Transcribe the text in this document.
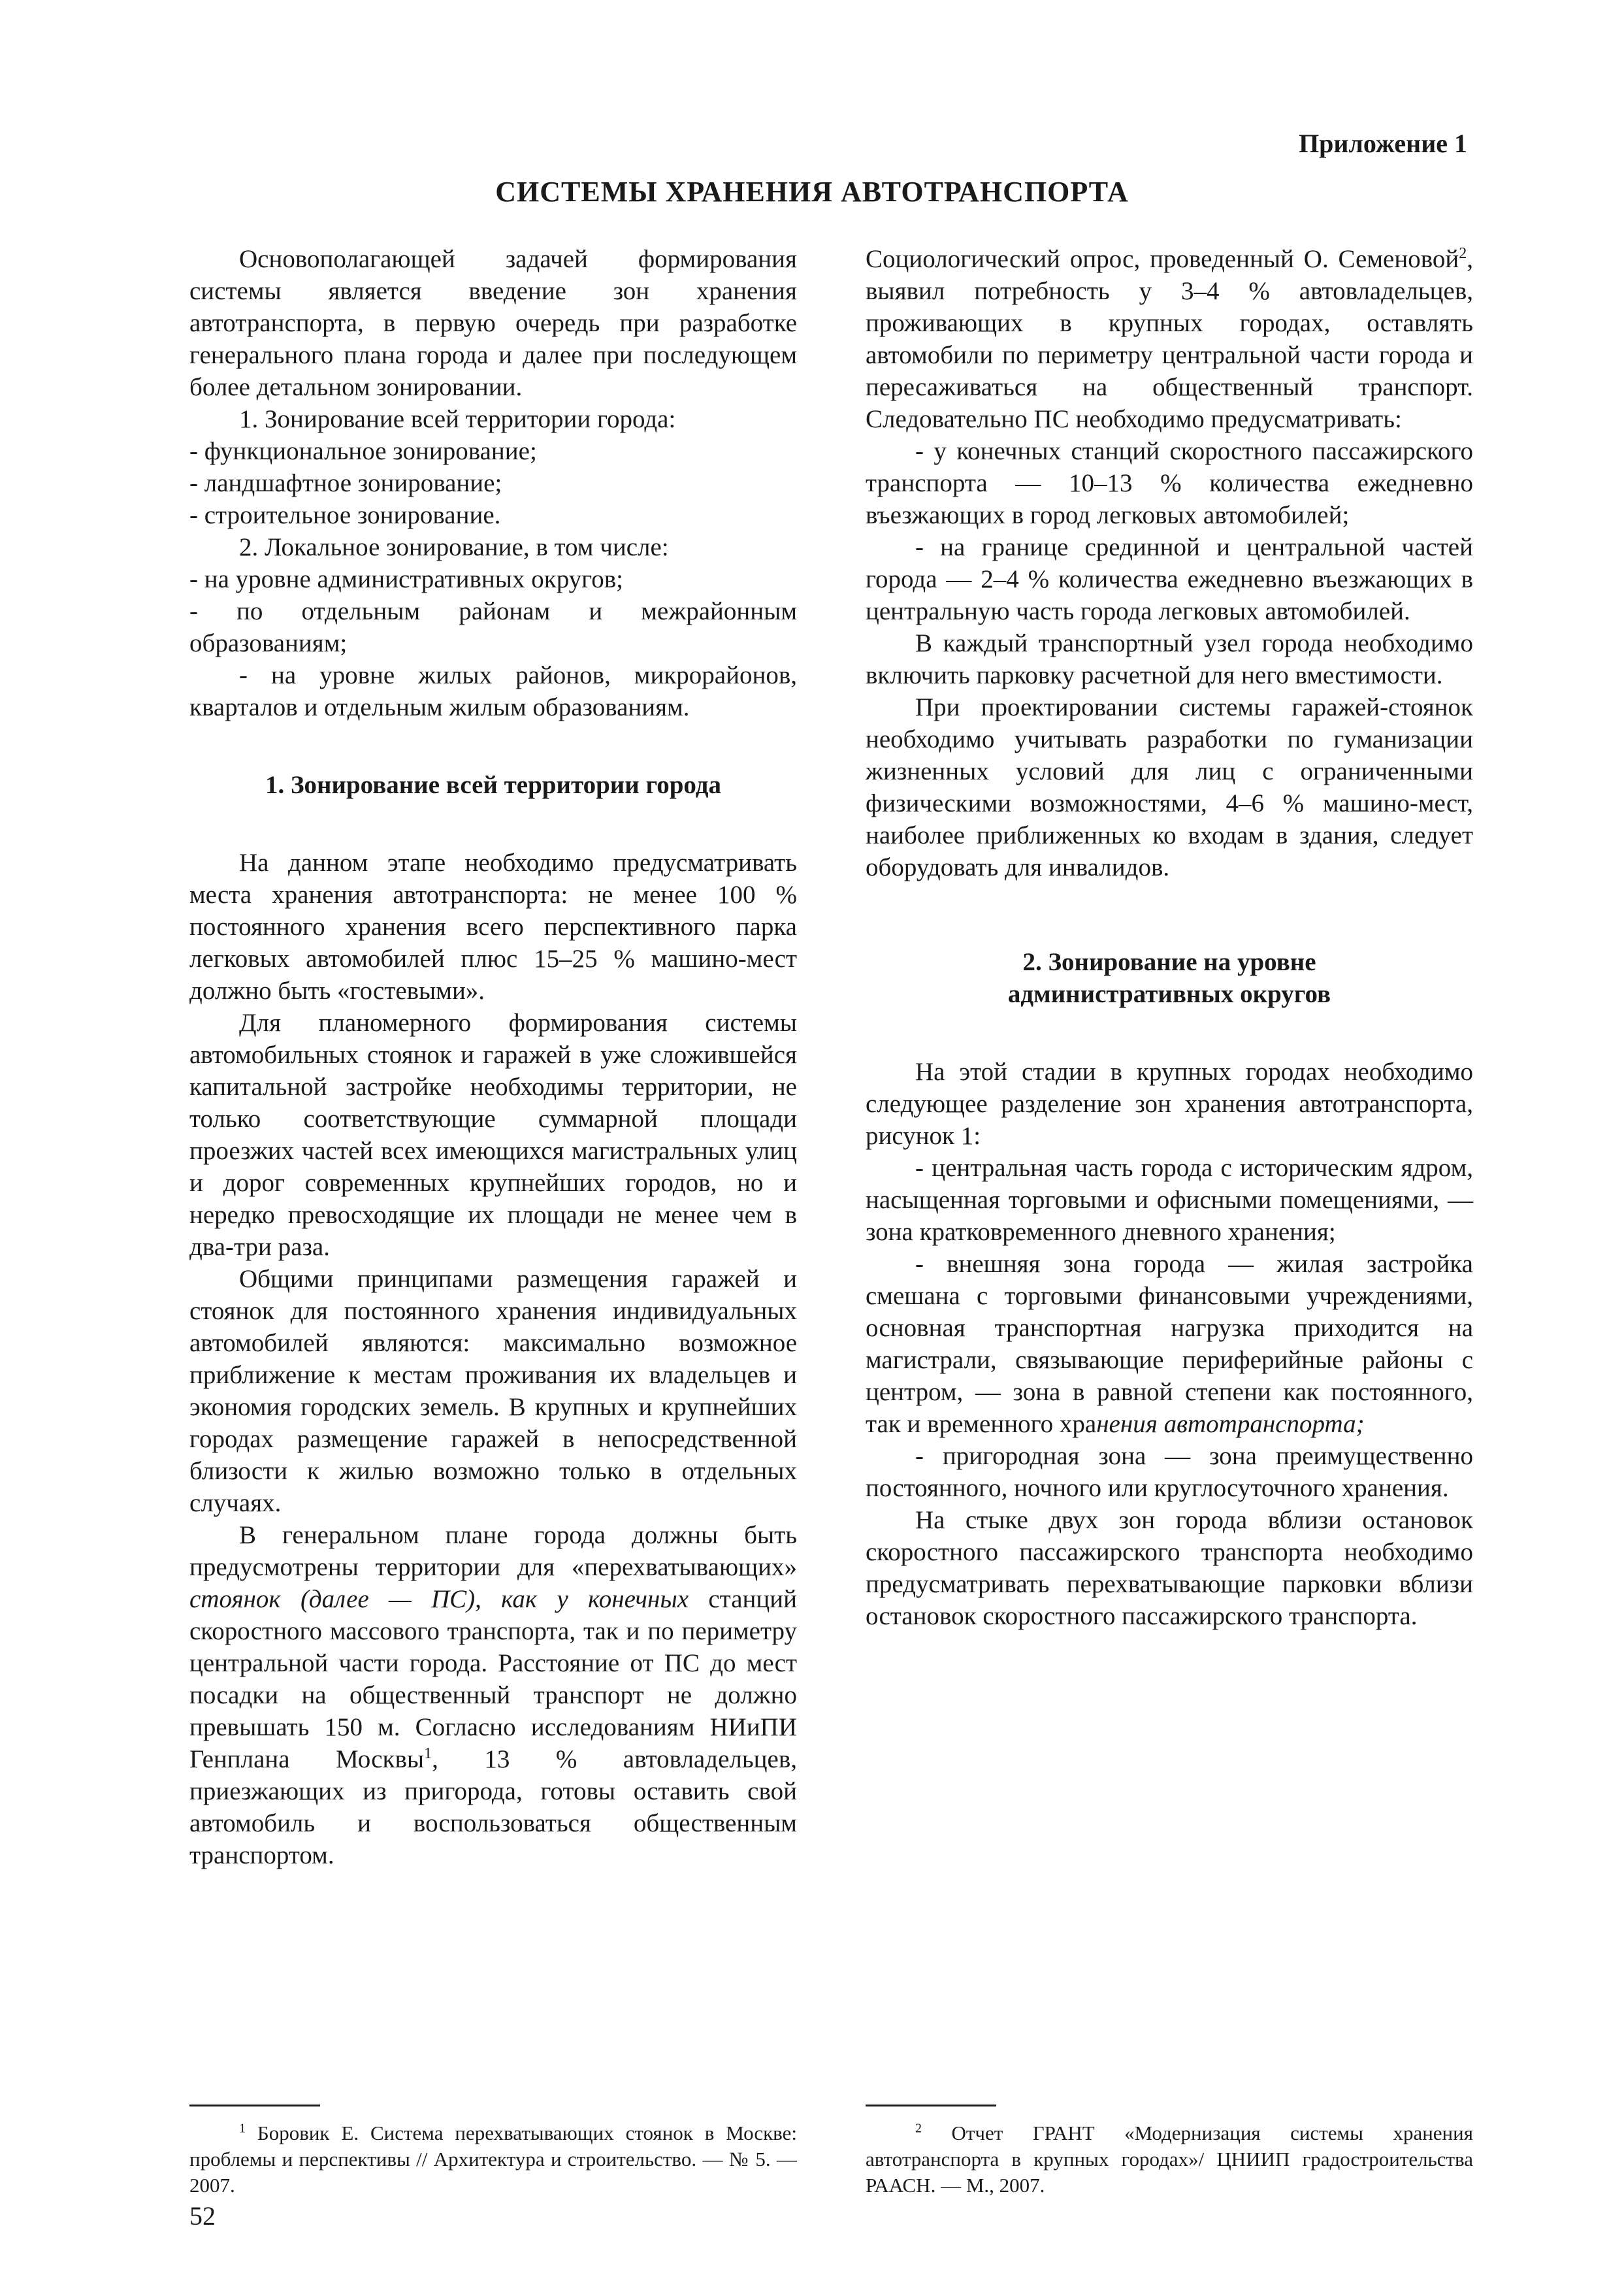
Приложение 1
СИСТЕМЫ ХРАНЕНИЯ АВТОТРАНСПОРТА

Основополагающей задачей формирования системы является введение зон хранения автотранспорта, в первую очередь при разработке генерального плана города и далее при последующем более детальном зонировании.

1. Зонирование всей территории города:

- функциональное зонирование;

- ландшафтное зонирование;

- строительное зонирование.

2. Локальное зонирование, в том числе:

- на уровне административных округов;

- по отдельным районам и межрайонным образованиям;

- на уровне жилых районов, микрорайонов, кварталов и отдельным жилым образованиям.

1. Зонирование всей территории города

На данном этапе необходимо предусматривать места хранения автотранспорта: не менее 100 % постоянного хранения всего перспективного парка легковых автомобилей плюс 15–25 % машино-мест должно быть «гостевыми».

Для планомерного формирования системы автомобильных стоянок и гаражей в уже сложившейся капитальной застройке необходимы территории, не только соответствующие суммарной площади проезжих частей всех имеющихся магистральных улиц и дорог современных крупнейших городов, но и нередко превосходящие их площади не менее чем в два-три раза.

Общими принципами размещения гаражей и стоянок для постоянного хранения индивидуальных автомобилей являются: максимально возможное приближение к местам проживания их владельцев и экономия городских земель. В крупных и крупнейших городах размещение гаражей в непосредственной близости к жилью возможно только в отдельных случаях.

В генеральном плане города должны быть предусмотрены территории для «перехватывающих» стоянок (далее — ПС), как у конечных станций скоростного массового транспорта, так и по периметру центральной части города. Расстояние от ПС до мест посадки на общественный транспорт не должно превышать 150 м. Согласно исследованиям НИиПИ Генплана Москвы$^1$, 13 % автовладельцев, приезжающих из пригорода, готовы оставить свой автомобиль и воспользоваться общественным транспортом.

Социологический опрос, проведенный О. Семеновой$^2$, выявил потребность у 3–4 % автовладельцев, проживающих в крупных городах, оставлять автомобили по периметру центральной части города и пересаживаться на общественный транспорт. Следовательно ПС необходимо предусматривать:

- у конечных станций скоростного пассажирского транспорта — 10–13 % количества ежедневно въезжающих в город легковых автомобилей;

- на границе срединной и центральной частей города — 2–4 % количества ежедневно въезжающих в центральную часть города легковых автомобилей.

В каждый транспортный узел города необходимо включить парковку расчетной для него вместимости.

При проектировании системы гаражей-стоянок необходимо учитывать разработки по гуманизации жизненных условий для лиц с ограниченными физическими возможностями, 4–6 % машино-мест, наиболее приближенных ко входам в здания, следует оборудовать для инвалидов.

2. Зонирование на уровне
административных округов

На этой стадии в крупных городах необходимо следующее разделение зон хранения автотранспорта, рисунок 1:

- центральная часть города с историческим ядром, насыщенная торговыми и офисными помещениями, — зона кратковременного дневного хранения;

- внешняя зона города — жилая застройка смешана с торговыми финансовыми учреждениями, основная транспортная нагрузка приходится на магистрали, связывающие периферийные районы с центром, — зона в равной степени как постоянного, так и временного хранения автотранспорта;

- пригородная зона — зона преимущественно постоянного, ночного или круглосуточного хранения.

На стыке двух зон города вблизи остановок скоростного пассажирского транспорта необходимо предусматривать перехватывающие парковки вблизи остановок скоростного пассажирского транспорта.

$^1$ Боровик Е. Система перехватывающих стоянок в Москве: проблемы и перспективы // Архитектура и строительство. — № 5. — 2007.
$^2$ Отчет ГРАНТ «Модернизация системы хранения автотранспорта в крупных городах»/ ЦНИИП градостроительства РААСН. — М., 2007.
52
